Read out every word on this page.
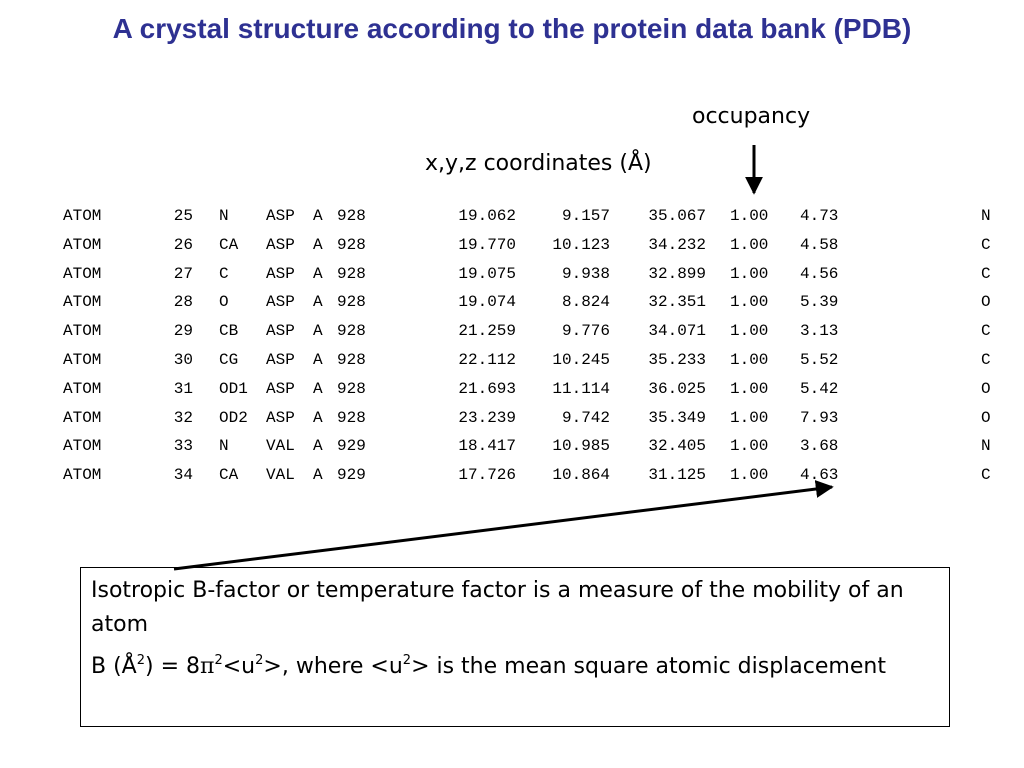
A crystal structure according to the protein data bank (PDB)
occupancy
x,y,z coordinates (Å)
ATOM	25 N ASP A 928	19.062	9.157	35.067 1.00 4.73	N
ATOM	26 CA ASP A 928	19.770	10.123	34.232 1.00 4.58	C
ATOM	27 C ASP A 928	19.075	9.938	32.899 1.00 4.56	C
ATOM	28 O ASP A 928	19.074	8.824	32.351 1.00 5.39	O
ATOM	29 CB ASP A 928	21.259	9.776	34.071 1.00 3.13	C
ATOM	30 CG ASP A 928	22.112	10.245	35.233 1.00 5.52	C
ATOM	31 OD1 ASP A 928	21.693	11.114	36.025 1.00 5.42	O
ATOM	32 OD2 ASP A 928	23.239	9.742	35.349 1.00 7.93	O
ATOM	33 N VAL A 929	18.417	10.985	32.405 1.00 3.68	N
ATOM	34 CA VAL A 929	17.726	10.864	31.125 1.00 4.63	C

Isotropic B-factor or temperature factor is a measure of the mobility of an atom

B $(Å^2) = 8\pi^2<u^2>$, where $<u^2>$ is the mean square atomic displacement
